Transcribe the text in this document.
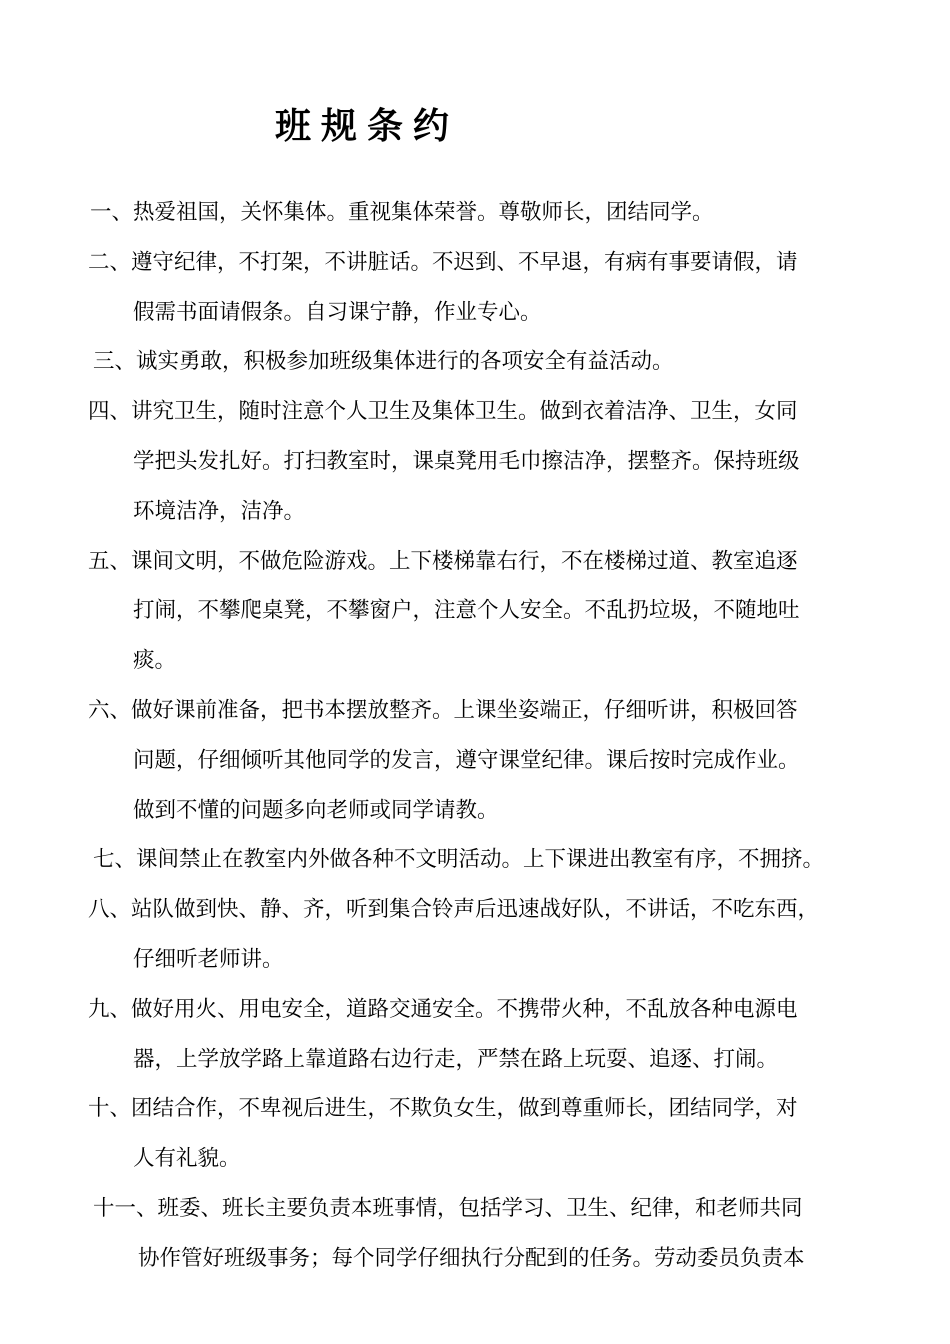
班规条约
一、热爱祖国，关怀集体。重视集体荣誉。尊敬师长，团结同学。
二、遵守纪律，不打架，不讲脏话。不迟到、不早退，有病有事要请假，请
假需书面请假条。自习课宁静，作业专心。
三、诚实勇敢，积极参加班级集体进行的各项安全有益活动。
四、讲究卫生，随时注意个人卫生及集体卫生。做到衣着洁净、卫生，女同
学把头发扎好。打扫教室时，课桌凳用毛巾擦洁净，摆整齐。保持班级
环境洁净，洁净。
五、课间文明，不做危险游戏。上下楼梯靠右行，不在楼梯过道、教室追逐
打闹，不攀爬桌凳，不攀窗户，注意个人安全。不乱扔垃圾，不随地吐
痰。
六、做好课前准备，把书本摆放整齐。上课坐姿端正，仔细听讲，积极回答
问题，仔细倾听其他同学的发言，遵守课堂纪律。课后按时完成作业。
做到不懂的问题多向老师或同学请教。
七、课间禁止在教室内外做各种不文明活动。上下课进出教室有序，不拥挤。
八、站队做到快、静、齐，听到集合铃声后迅速战好队，不讲话，不吃东西，
仔细听老师讲。
九、做好用火、用电安全，道路交通安全。不携带火种，不乱放各种电源电
器，上学放学路上靠道路右边行走，严禁在路上玩耍、追逐、打闹。
十、团结合作，不卑视后进生，不欺负女生，做到尊重师长，团结同学，对
人有礼貌。
十一、班委、班长主要负责本班事情，包括学习、卫生、纪律，和老师共同
协作管好班级事务；每个同学仔细执行分配到的任务。劳动委员负责本
